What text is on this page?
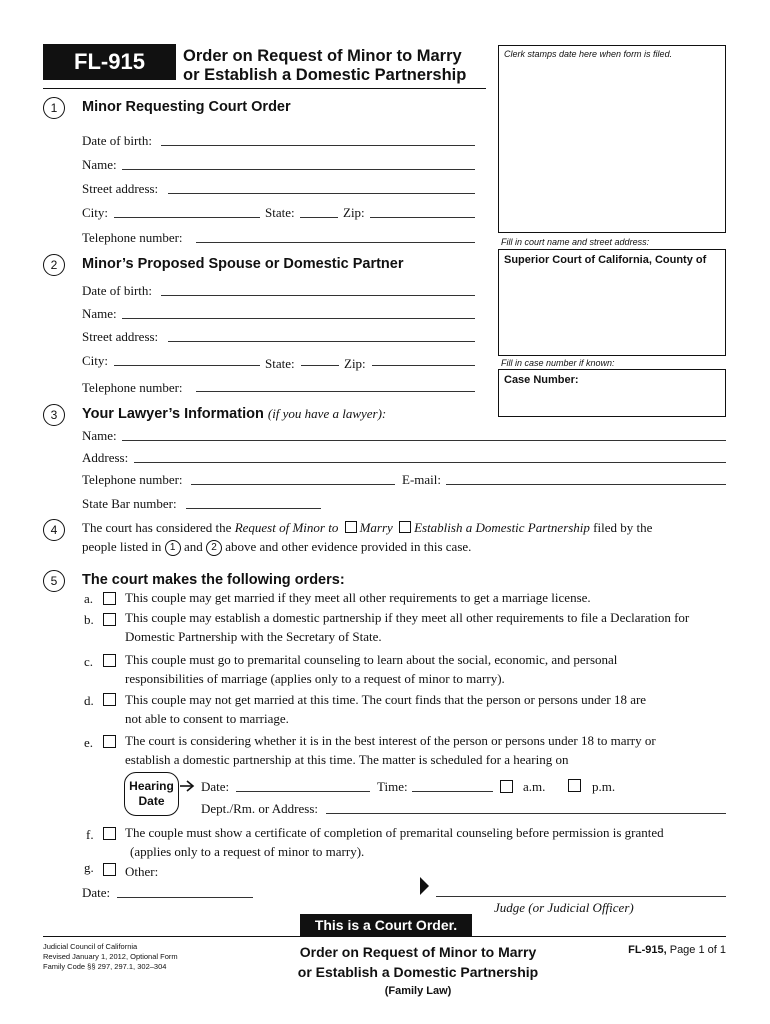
FL-915	Order on Request of Minor to Marry
or Establish a Domestic Partnership
Clerk stamps date here when form is filed.
Fill in court name and street address:
Superior Court of California, County of
Fill in case number if known:
Case Number:
1	Minor Requesting Court Order
Date of birth:
Name:
Street address:
City:	State:	Zip:
Telephone number:
2	Minor’s Proposed Spouse or Domestic Partner
Date of birth:
Name:
Street address:
City:	State:	Zip:
Telephone number:
3	Your Lawyer’s Information (if you have a lawyer):
Name:
Address:
Telephone number:	E-mail:
State Bar number:
4	The court has considered the Request of Minor to Marry Establish a Domestic Partnership filed by the
people listed in 1 and 2 above and other evidence provided in this case.
5	The court makes the following orders:
a. This couple may get married if they meet all other requirements to get a marriage license.
b. This couple may establish a domestic partnership if they meet all other requirements to file a Declaration for
Domestic Partnership with the Secretary of State.
c. This couple must go to premarital counseling to learn about the social, economic, and personal
responsibilities of marriage (applies only to a request of minor to marry).
d. This couple may not get married at this time. The court finds that the person or persons under 18 are
not able to consent to marriage.
e. The court is considering whether it is in the best interest of the person or persons under 18 to marry or
establish a domestic partnership at this time. The matter is scheduled for a hearing on
Hearing
Date
Date:	Time:	a.m.	p.m.
Dept./Rm. or Address:
f. The couple must show a certificate of completion of premarital counseling before permission is granted
(applies only to a request of minor to marry).
g. Other:
Date:
Judge (or Judicial Officer)
This is a Court Order.
Judicial Council of California
Revised January 1, 2012, Optional Form
Family Code §§ 297, 297.1, 302–304
Order on Request of Minor to Marry
or Establish a Domestic Partnership
(Family Law)
FL-915, Page 1 of 1
